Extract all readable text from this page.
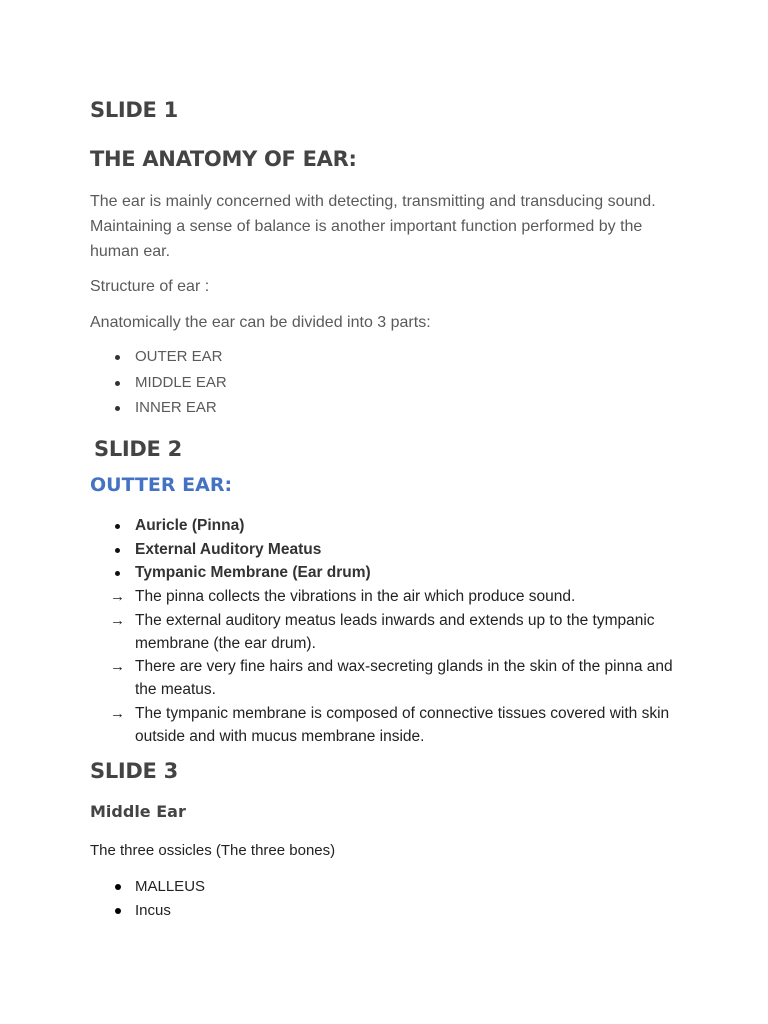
SLIDE 1
THE ANATOMY OF EAR:

The ear is mainly concerned with detecting, transmitting and transducing sound. Maintaining a sense of balance is another important function performed by the human ear.

Structure of ear :

Anatomically the ear can be divided into 3 parts:

OUTER EAR
MIDDLE EAR
INNER EAR
SLIDE 2
OUTTER EAR:
Auricle (Pinna)
External Auditory Meatus
Tympanic Membrane (Ear drum)
→ The pinna collects the vibrations in the air which produce sound.
→ The external auditory meatus leads inwards and extends up to the tympanic membrane (the ear drum).
→ There are very fine hairs and wax-secreting glands in the skin of the pinna and the meatus.
→ The tympanic membrane is composed of connective tissues covered with skin outside and with mucus membrane inside.
SLIDE 3
Middle Ear

The three ossicles (The three bones)

MALLEUS
Incus
